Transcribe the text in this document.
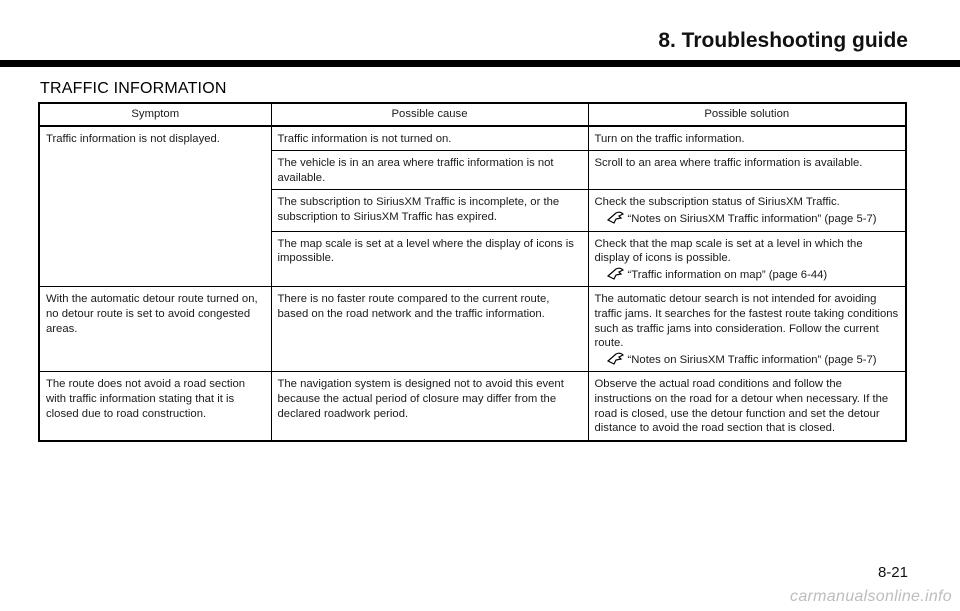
8. Troubleshooting guide
TRAFFIC INFORMATION
Symptom	Possible cause	Possible solution
Traffic information is not displayed.	Traffic information is not turned on.	Turn on the traffic information.
	The vehicle is in an area where traffic information is not available.	Scroll to an area where traffic information is available.
	The subscription to SiriusXM Traffic is incomplete, or the subscription to SiriusXM Traffic has expired.	Check the subscription status of SiriusXM Traffic.
“Notes on SiriusXM Traffic information” (page 5-7)

	The map scale is set at a level where the display of icons is impossible.	Check that the map scale is set at a level in which the display of icons is possible.
“Traffic information on map” (page 6-44)

With the automatic detour route turned on, no detour route is set to avoid congested areas.	There is no faster route compared to the current route, based on the road network and the traffic information.	The automatic detour search is not intended for avoiding traffic jams. It searches for the fastest route taking conditions such as traffic jams into consideration. Follow the current route.
“Notes on SiriusXM Traffic information” (page 5-7)

The route does not avoid a road section with traffic information stating that it is closed due to road construction.	The navigation system is designed not to avoid this event because the actual period of closure may differ from the declared roadwork period.	Observe the actual road conditions and follow the instructions on the road for a detour when necessary. If the road is closed, use the detour function and set the detour distance to avoid the road section that is closed.
8-21
carmanualsonline.info
